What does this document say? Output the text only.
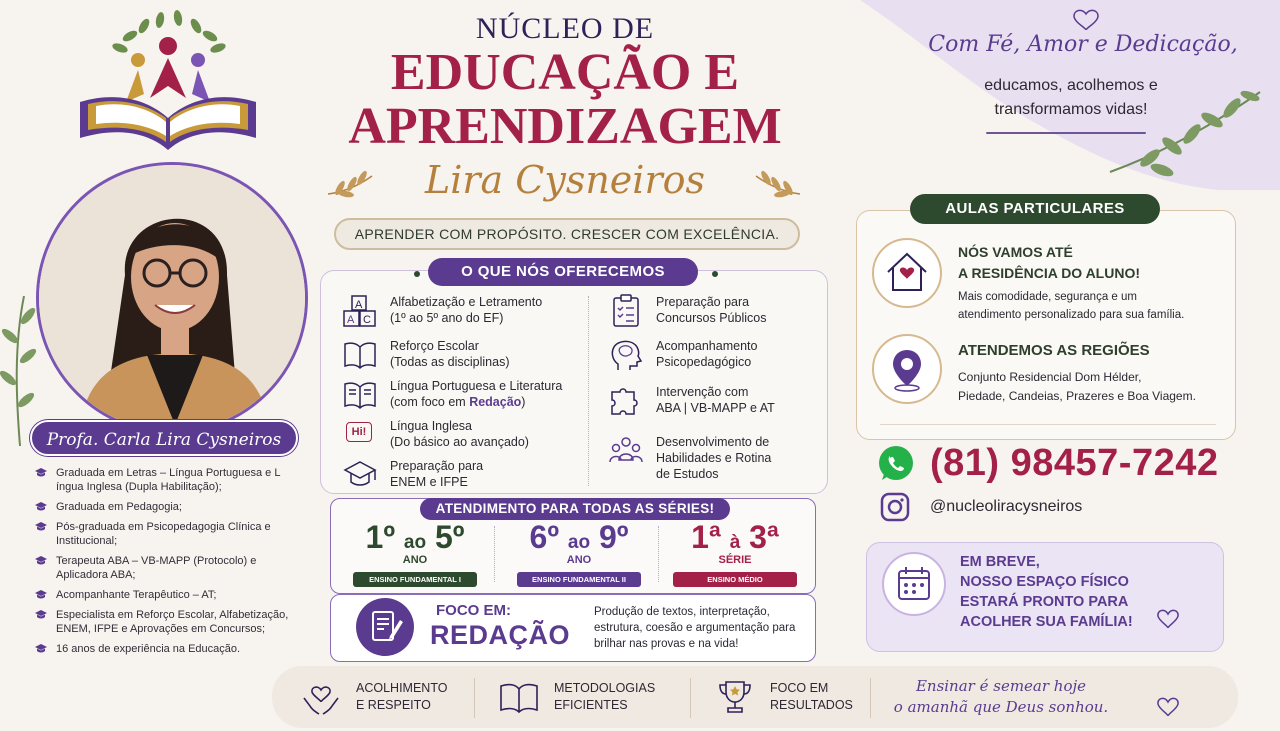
Profa. Carla Lira Cysneiros
Graduada em Letras – Língua Portuguesa e L íngua Inglesa (Dupla Habilitação);
Graduada em Pedagogia;
Pós-graduada em Psicopedagogia Clínica e Institucional;
Terapeuta ABA – VB-MAPP (Protocolo) e Aplicadora ABA;
Acompanhante Terapêutico – AT;
Especialista em Reforço Escolar, Alfabetização, ENEM, IFPE e Aprovações em Concursos;
16 anos de experiência na Educação.
NÚCLEO DE
EDUCAÇÃO E
APRENDIZAGEM
Lira Cysneiros
APRENDER COM PROPÓSITO. CRESCER COM EXCELÊNCIA.
O QUE NÓS OFERECEMOS
A
A C
Alfabetização e Letramento
(1º ao 5º ano do EF)
Reforço Escolar
(Todas as disciplinas)
Língua Portuguesa e Literatura
(com foco em Redação)
Hi!	Língua Inglesa
(Do básico ao avançado)
Preparação para
ENEM e IFPE
Preparação para
Concursos Públicos
Acompanhamento
Psicopedagógico
Intervenção com
ABA | VB-MAPP e AT
Desenvolvimento de
Habilidades e Rotina
de Estudos
ATENDIMENTO PARA TODAS AS SÉRIES!
1º ao 5º
ANO
ENSINO FUNDAMENTAL I
6º ao 9º
ANO
ENSINO FUNDAMENTAL II
1ª à 3ª
SÉRIE
ENSINO MÉDIO
FOCO EM:
REDAÇÃO
Produção de textos, interpretação, estrutura, coesão e argumentação para brilhar nas provas e na vida!
ACOLHIMENTO
E RESPEITO
METODOLOGIAS
EFICIENTES
FOCO EM
RESULTADOS
Ensinar é semear hoje
o amanhã que Deus sonhou.
Com Fé, Amor e Dedicação,
educamos, acolhemos e
transformamos vidas!
AULAS PARTICULARES
NÓS VAMOS ATÉ
A RESIDÊNCIA DO ALUNO!
Mais comodidade, segurança e um
atendimento personalizado para sua família.
ATENDEMOS AS REGIÕES
Conjunto Residencial Dom Hélder,
Piedade, Candeias, Prazeres e Boa Viagem.
(81) 98457-7242
@nucleoliracysneiros
EM BREVE,
NOSSO ESPAÇO FÍSICO
ESTARÁ PRONTO PARA
ACOLHER SUA FAMÍLIA!
